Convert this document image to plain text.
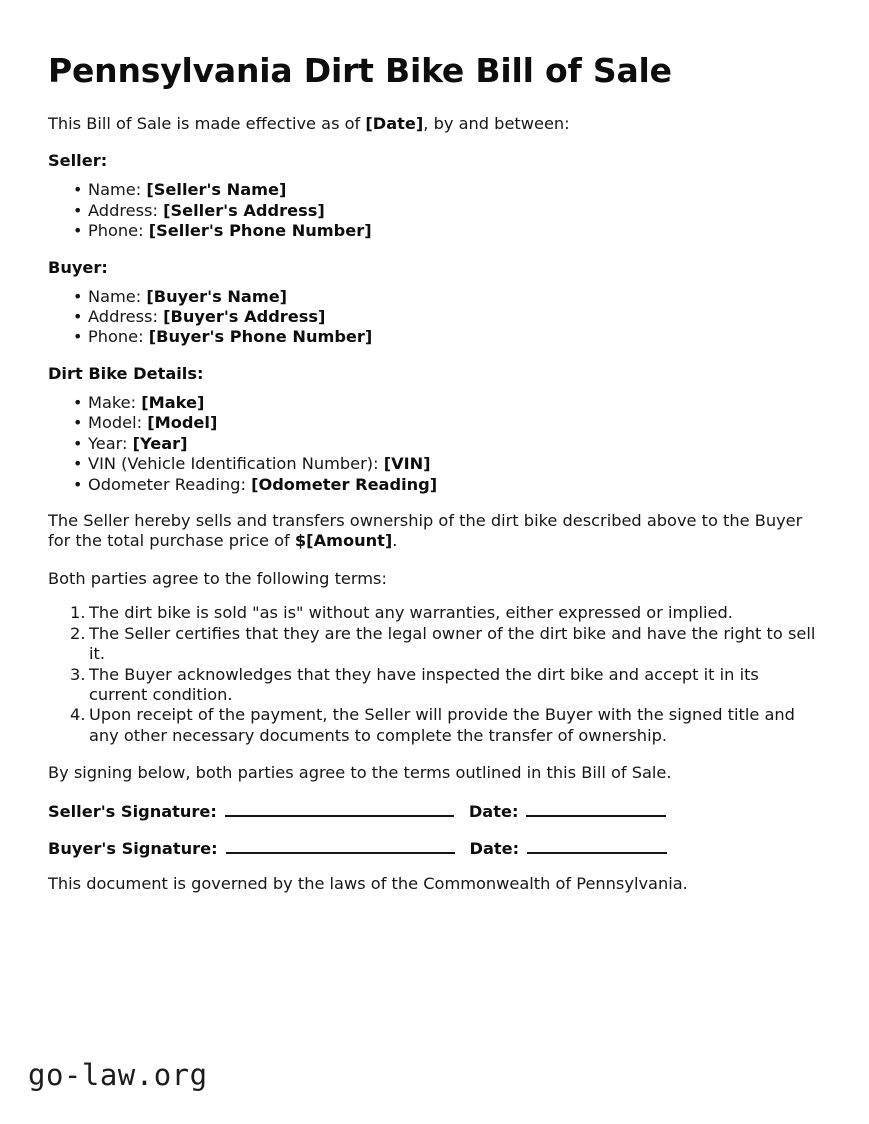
Pennsylvania Dirt Bike Bill of Sale

This Bill of Sale is made effective as of [Date], by and between:

Seller:
• Name: [Seller's Name]
• Address: [Seller's Address]
• Phone: [Seller's Phone Number]
Buyer:
• Name: [Buyer's Name]
• Address: [Buyer's Address]
• Phone: [Buyer's Phone Number]
Dirt Bike Details:
• Make: [Make]
• Model: [Model]
• Year: [Year]
• VIN (Vehicle Identification Number): [VIN]
• Odometer Reading: [Odometer Reading]

The Seller hereby sells and transfers ownership of the dirt bike described above to the Buyer for the total purchase price of $[Amount].

Both parties agree to the following terms:

The dirt bike is sold "as is" without any warranties, either expressed or implied.
The Seller certifies that they are the legal owner of the dirt bike and have the right to sell it.
The Buyer acknowledges that they have inspected the dirt bike and accept it in its current condition.
Upon receipt of the payment, the Seller will provide the Buyer with the signed title and any other necessary documents to complete the transfer of ownership.

By signing below, both parties agree to the terms outlined in this Bill of Sale.

Seller's Signature:	Date:
Buyer's Signature:	Date:

This document is governed by the laws of the Commonwealth of Pennsylvania.

go-law.org
